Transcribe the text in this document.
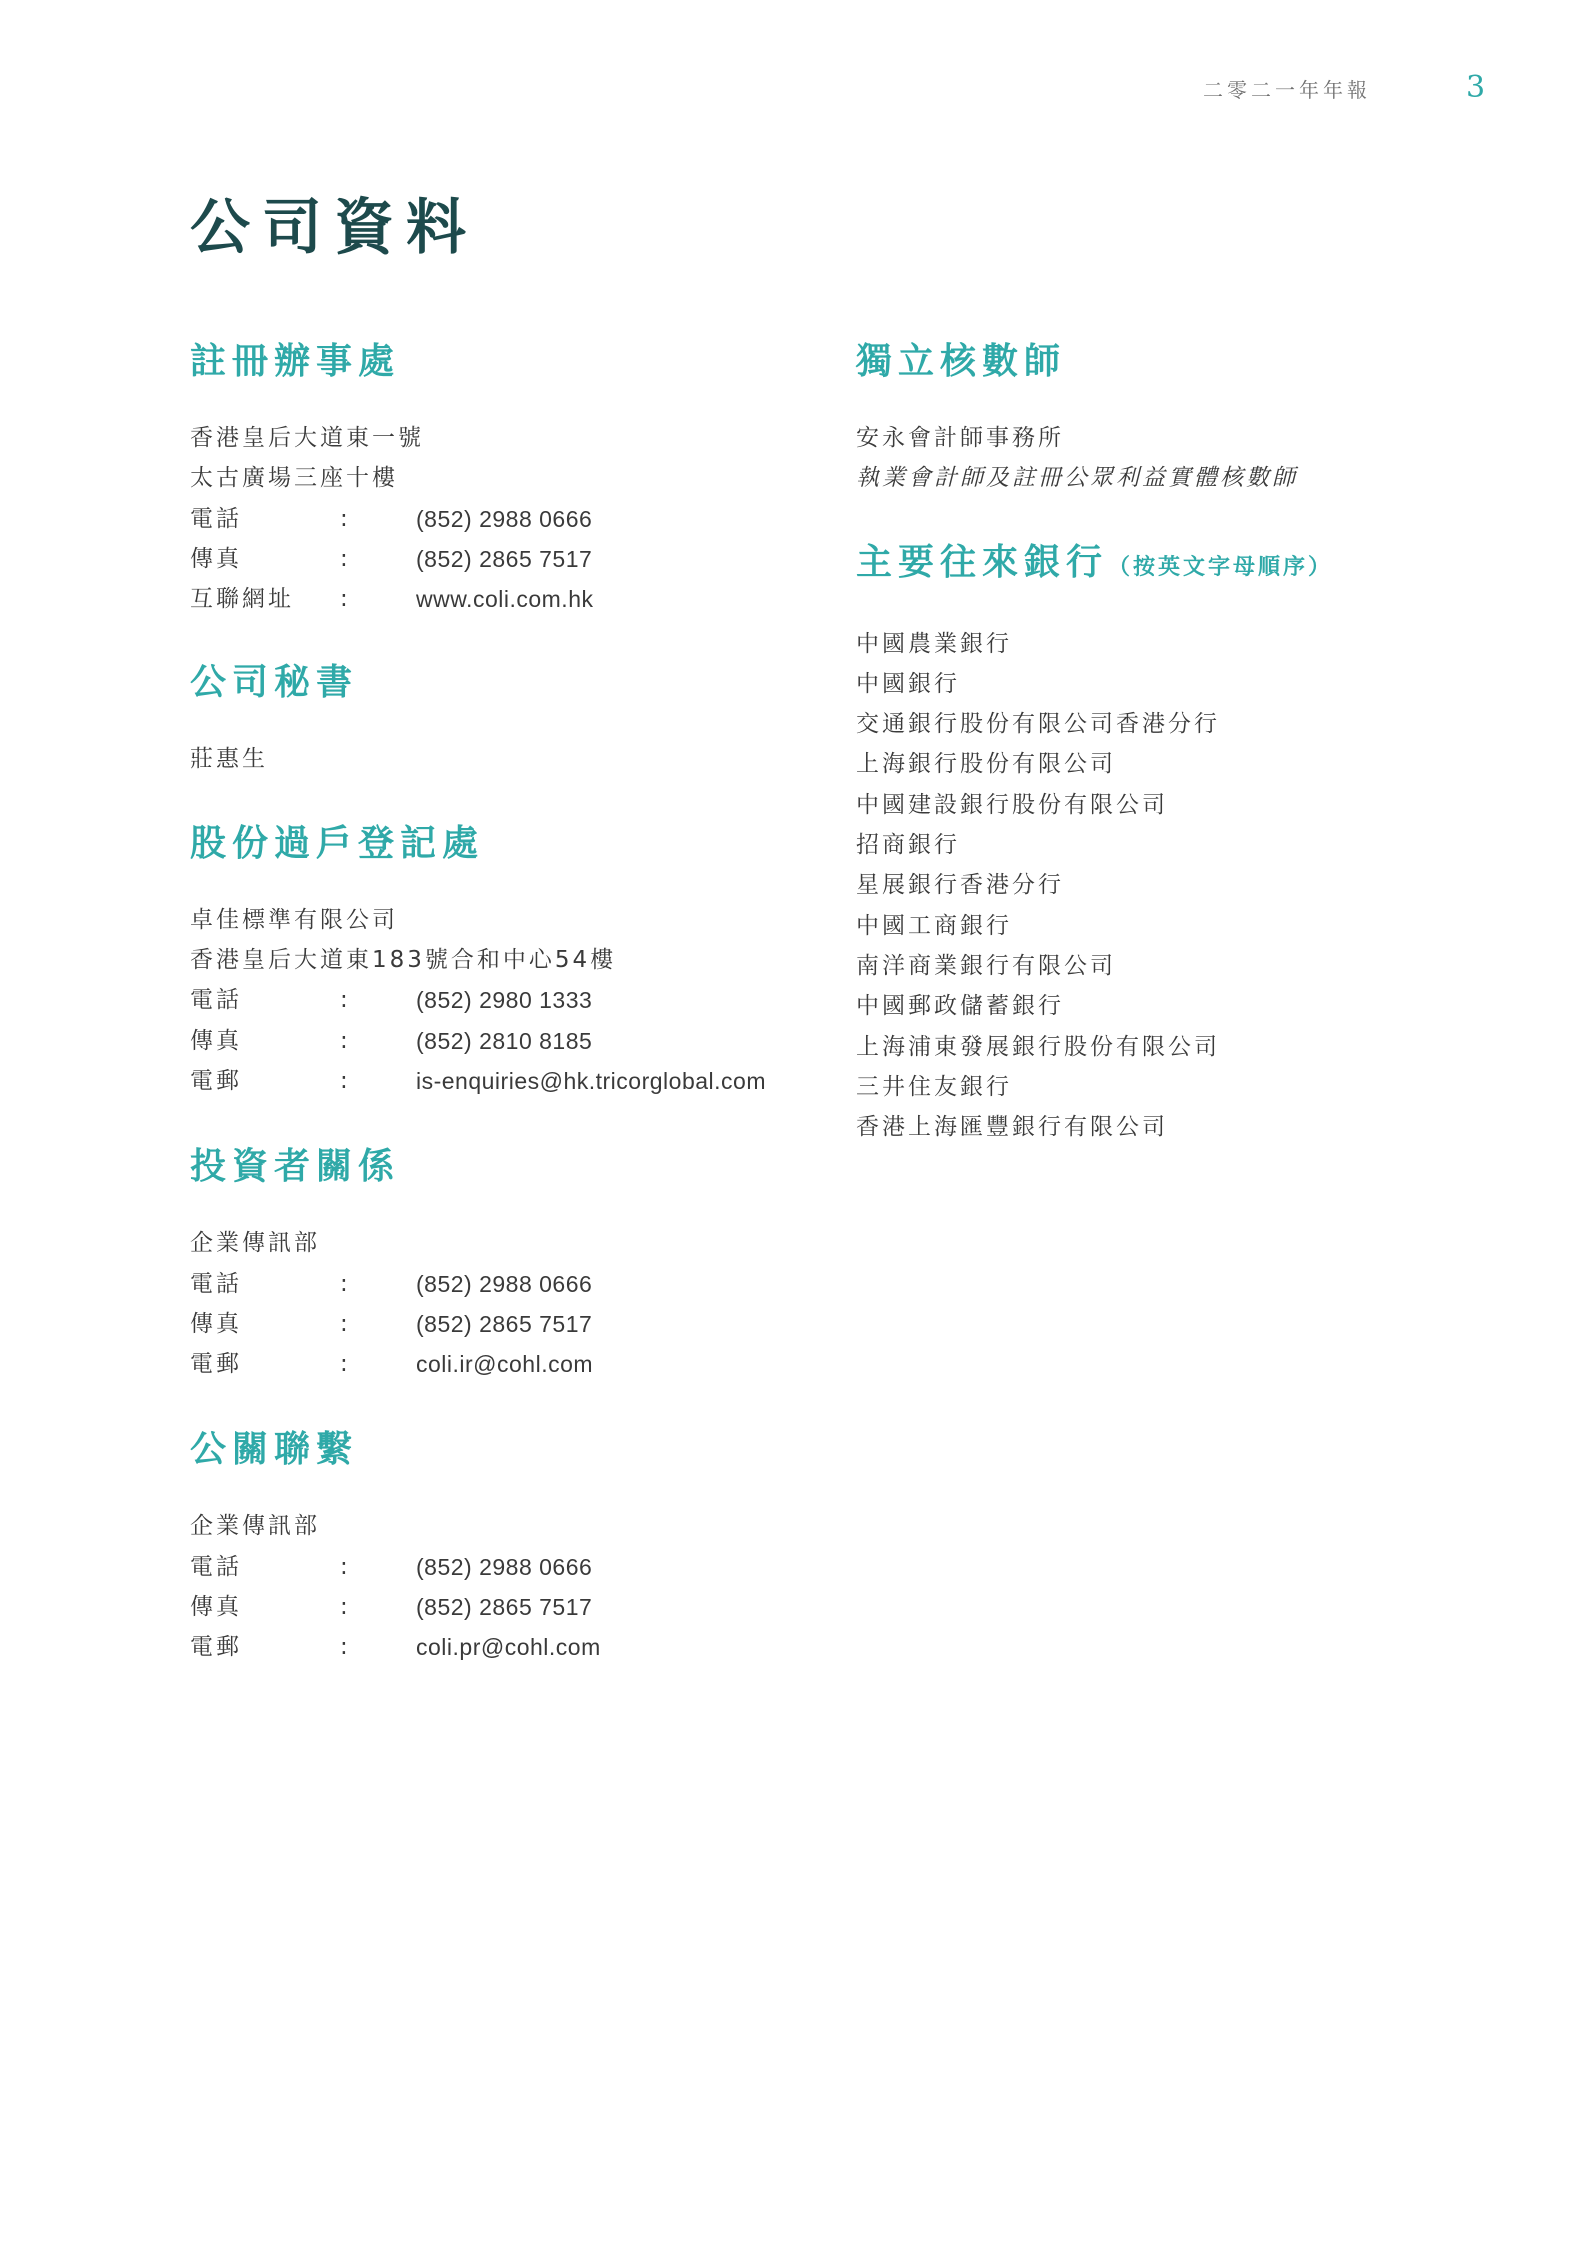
二零二一年年報	3
公司資料
註冊辦事處
香港皇后大道東一號
太古廣場三座十樓
電話	:	(852) 2988 0666
傳真	:	(852) 2865 7517
互聯網址	:	www.coli.com.hk
公司秘書
莊惠生
股份過戶登記處
卓佳標準有限公司
香港皇后大道東183號合和中心54樓
電話	:	(852) 2980 1333
傳真	:	(852) 2810 8185
電郵	:	is-enquiries@hk.tricorglobal.com
投資者關係
企業傳訊部
電話	:	(852) 2988 0666
傳真	:	(852) 2865 7517
電郵	:	coli.ir@cohl.com
公關聯繫
企業傳訊部
電話	:	(852) 2988 0666
傳真	:	(852) 2865 7517
電郵	:	coli.pr@cohl.com
獨立核數師
安永會計師事務所
執業會計師及註冊公眾利益實體核數師
主要往來銀行（按英文字母順序）
中國農業銀行
中國銀行
交通銀行股份有限公司香港分行
上海銀行股份有限公司
中國建設銀行股份有限公司
招商銀行
星展銀行香港分行
中國工商銀行
南洋商業銀行有限公司
中國郵政儲蓄銀行
上海浦東發展銀行股份有限公司
三井住友銀行
香港上海匯豐銀行有限公司
